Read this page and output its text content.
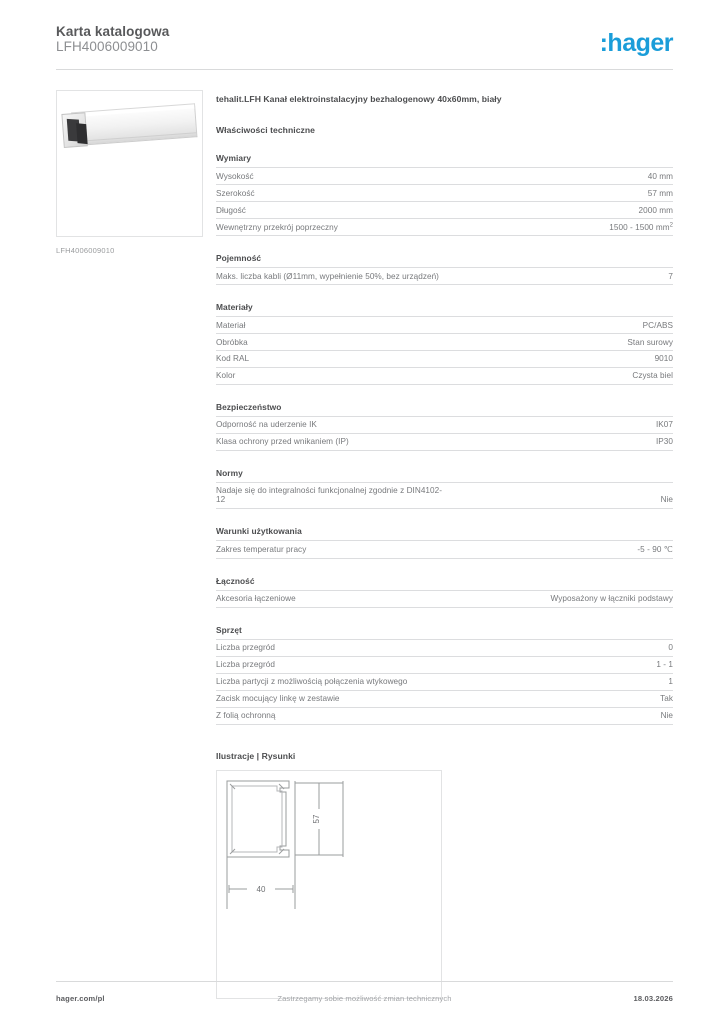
Karta katalogowa
LFH4006009010	:hager
LFH4006009010
tehalit.LFH Kanał elektroinstalacyjny bezhalogenowy 40x60mm, biały
Właściwości techniczne
Wymiary
Wysokość	40 mm
Szerokość	57 mm
Długość	2000 mm
Wewnętrzny przekrój poprzeczny	1500 - 1500 $mm^2$
Pojemność
Maks. liczba kabli (Ø11mm, wypełnienie 50%, bez urządzeń)	7
Materiały
Materiał	PC/ABS
Obróbka	Stan surowy
Kod RAL	9010
Kolor	Czysta biel
Bezpieczeństwo
Odporność na uderzenie IK	IK07
Klasa ochrony przed wnikaniem (IP)	IP30
Normy
Nadaje się do integralności funkcjonalnej zgodnie z DIN4102-12	Nie
Warunki użytkowania
Zakres temperatur pracy	-5 - 90 ℃
Łączność
Akcesoria łączeniowe	Wyposażony w łączniki podstawy
Sprzęt
Liczba przegród	0
Liczba przegród	1 - 1
Liczba partycji z możliwością połączenia wtykowego	1
Zacisk mocujący linkę w zestawie	Tak
Z folią ochronną	Nie
Ilustracje | Rysunki
57
40
hager.com/pl	Zastrzegamy sobie możliwość zmian technicznych	18.03.2026
